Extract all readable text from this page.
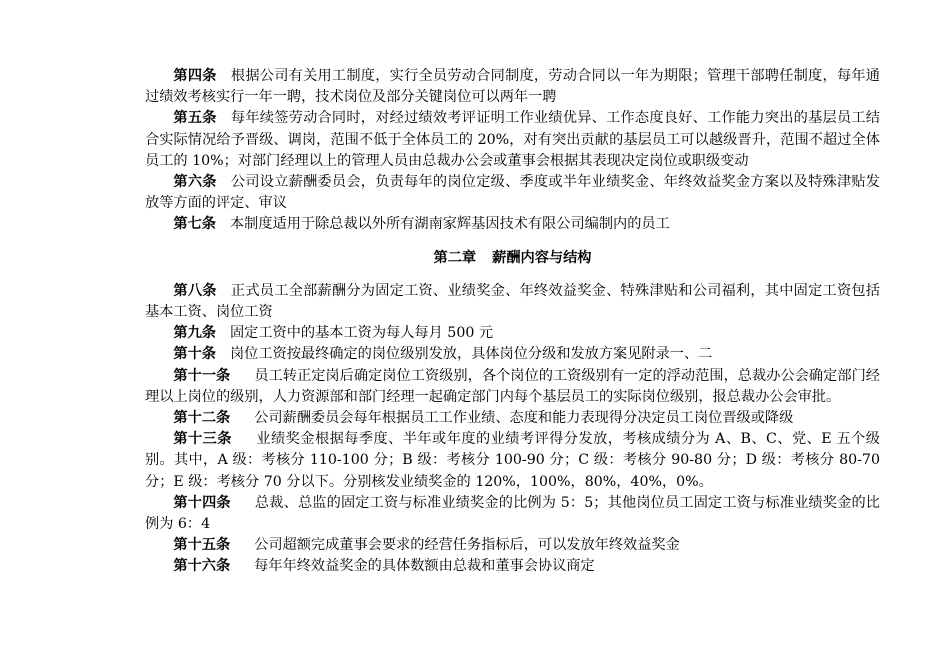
第四条 根据公司有关用工制度，实行全员劳动合同制度，劳动合同以一年为期限；管理干部聘任制度，每年通过绩效考核实行一年一聘，技术岗位及部分关键岗位可以两年一聘

第五条 每年续签劳动合同时，对经过绩效考评证明工作业绩优异、工作态度良好、工作能力突出的基层员工结合实际情况给予晋级、调岗，范围不低于全体员工的 20%，对有突出贡献的基层员工可以越级晋升，范围不超过全体员工的 10%；对部门经理以上的管理人员由总裁办公会或董事会根据其表现决定岗位或职级变动

第六条 公司设立薪酬委员会，负责每年的岗位定级、季度或半年业绩奖金、年终效益奖金方案以及特殊津贴发放等方面的评定、审议

第七条 本制度适用于除总裁以外所有湖南家辉基因技术有限公司编制内的员工

第二章 薪酬内容与结构

第八条 正式员工全部薪酬分为固定工资、业绩奖金、年终效益奖金、特殊津贴和公司福利，其中固定工资包括基本工资、岗位工资

第九条 固定工资中的基本工资为每人每月 500 元

第十条 岗位工资按最终确定的岗位级别发放，具体岗位分级和发放方案见附录一、二

第十一条 员工转正定岗后确定岗位工资级别，各个岗位的工资级别有一定的浮动范围，总裁办公会确定部门经理以上岗位的级别，人力资源部和部门经理一起确定部门内每个基层员工的实际岗位级别，报总裁办公会审批。

第十二条 公司薪酬委员会每年根据员工工作业绩、态度和能力表现得分决定员工岗位晋级或降级

第十三条 业绩奖金根据每季度、半年或年度的业绩考评得分发放，考核成绩分为 A、B、C、党、E 五个级别。其中，A 级：考核分 110-100 分；B 级：考核分 100-90 分；C 级：考核分 90-80 分；D 级：考核分 80-70 分；E 级：考核分 70 分以下。分别核发业绩奖金的 120%，100%，80%，40%，0%。

第十四条 总裁、总监的固定工资与标准业绩奖金的比例为 5：5；其他岗位员工固定工资与标准业绩奖金的比例为 6：4

第十五条 公司超额完成董事会要求的经营任务指标后，可以发放年终效益奖金

第十六条 每年年终效益奖金的具体数额由总裁和董事会协议商定
